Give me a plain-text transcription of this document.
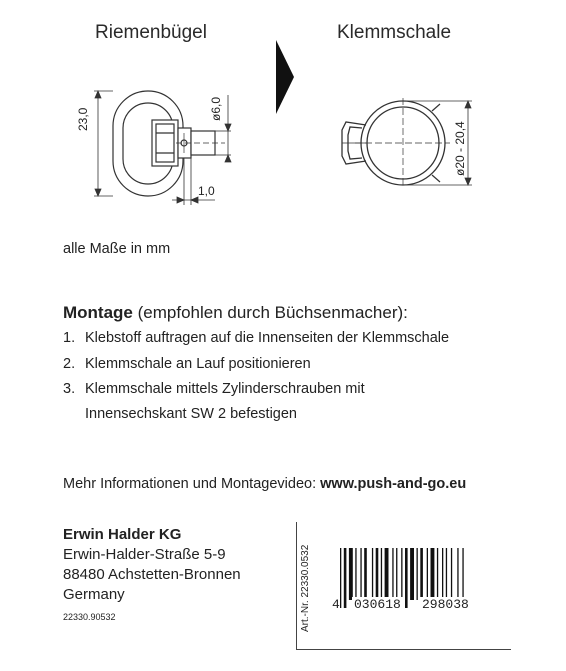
Riemenbügel	Klemmschale
23,0	ø6,0
1,0
ø20 - 20,4
alle Maße in mm
Montage (empfohlen durch Büchsenmacher):
1. Klebstoff auftragen auf die Innenseiten der Klemmschale
2. Klemmschale an Lauf positionieren
3. Klemmschale mittels Zylinderschrauben mit
Innensechskant SW 2 befestigen
Mehr Informationen und Montagevideo: www.push-and-go.eu
Erwin Halder KG
Erwin-Halder-Straße 5-9
88480 Achstetten-Bronnen
Germany
22330.90532	Art.-Nr. 22330.0532 4 030618 298038
